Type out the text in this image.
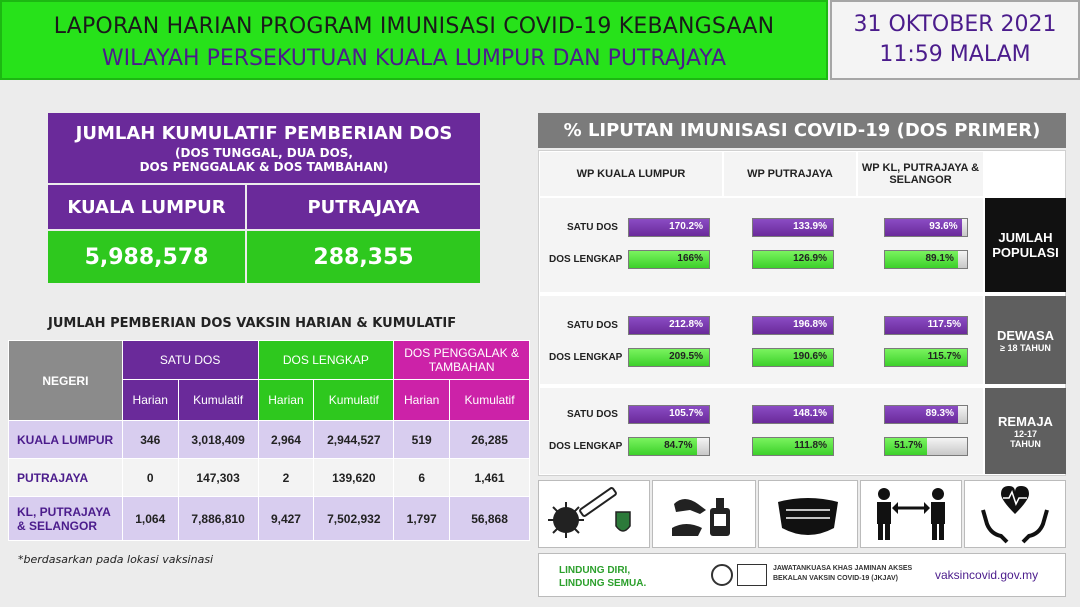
LAPORAN HARIAN PROGRAM IMUNISASI COVID-19 KEBANGSAAN
WILAYAH PERSEKUTUAN KUALA LUMPUR DAN PUTRAJAYA
31 OKTOBER 2021
11:59 MALAM
JUMLAH KUMULATIF PEMBERIAN DOS
(DOS TUNGGAL, DUA DOS,
DOS PENGGALAK & DOS TAMBAHAN)
KUALA LUMPUR	PUTRAJAYA
5,988,578	288,355
JUMLAH PEMBERIAN DOS VAKSIN HARIAN & KUMULATIF
NEGERI	SATU DOS		DOS LENGKAP		DOS PENGGALAK & TAMBAHAN	
	Harian	Kumulatif	Harian	Kumulatif	Harian	Kumulatif
KUALA LUMPUR	346	3,018,409	2,964	2,944,527	519	26,285
PUTRAJAYA	0	147,303	2	139,620	6	1,461
KL, PUTRAJAYA & SELANGOR	1,064	7,886,810	9,427	7,502,932	1,797	56,868
*berdasarkan pada lokasi vaksinasi
% LIPUTAN IMUNISASI COVID-19 (DOS PRIMER)
WP KUALA LUMPUR	WP PUTRAJAYA	WP KL, PUTRAJAYA & SELANGOR
JUMLAH POPULASI
DEWASA
≥ 18 TAHUN
REMAJA
12-17 TAHUN
SATU DOS	170.2%	133.9%	93.6%
DOS LENGKAP	166%	126.9%	89.1%
SATU DOS	212.8%	196.8%	117.5%
DOS LENGKAP	209.5%	190.6%	115.7%
SATU DOS	105.7%	148.1%	89.3%
DOS LENGKAP	84.7%	111.8%	51.7%
LINDUNG DIRI,
LINDUNG SEMUA.
JAWATANKUASA KHAS JAMINAN AKSES
BEKALAN VAKSIN COVID-19 (JKJAV)	vaksincovid.gov.my
